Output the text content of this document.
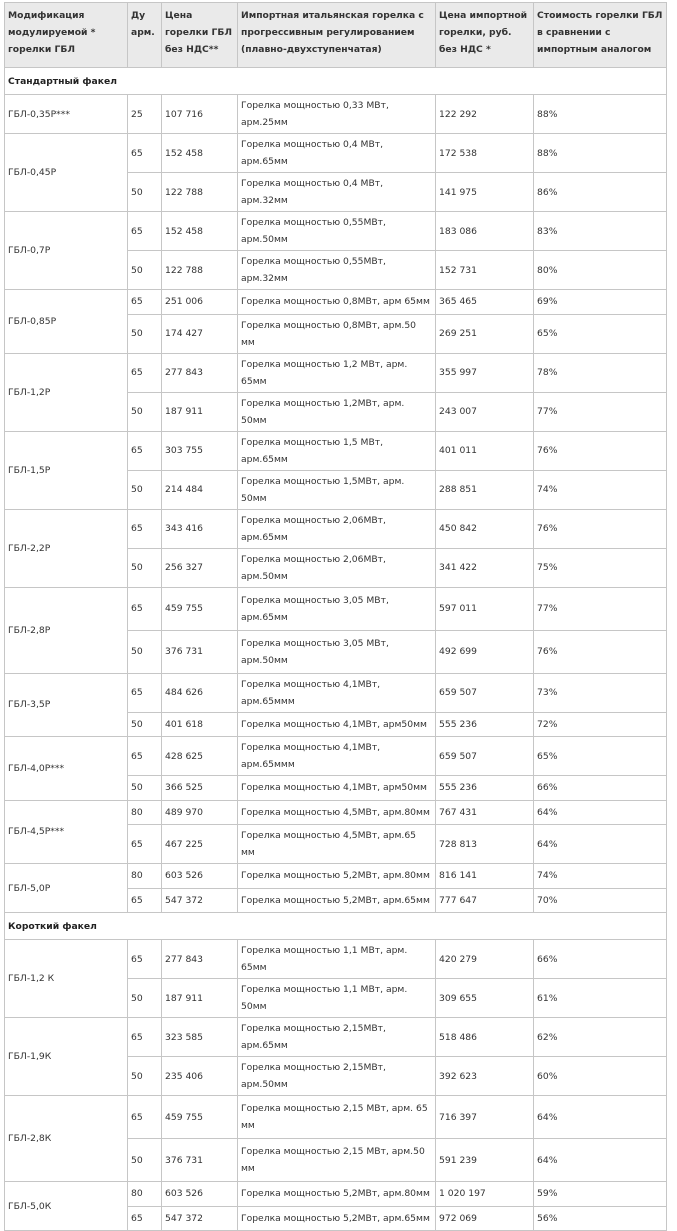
Модификация модулируемой * горелки ГБЛ	Ду арм.	Цена горелки ГБЛ без НДС**	Импортная итальянская горелка с прогрессивным регулированием (плавно-двухступенчатая)	Цена импортной горелки, руб. без НДС *	Стоимость горелки ГБЛ в сравнении с импортным аналогом
Стандартный факел					
ГБЛ-0,35Р***	25	107 716	Горелка мощностью 0,33 МВт, арм.25мм	122 292	88%
ГБЛ-0,45Р	65	152 458	Горелка мощностью 0,4 МВт, арм.65мм	172 538	88%
	50	122 788	Горелка мощностью 0,4 МВт, арм.32мм	141 975	86%
ГБЛ-0,7Р	65	152 458	Горелка мощностью 0,55МВт, арм.50мм	183 086	83%
	50	122 788	Горелка мощностью 0,55МВт, арм.32мм	152 731	80%
ГБЛ-0,85Р	65	251 006	Горелка мощностью 0,8МВт, арм 65мм	365 465	69%
	50	174 427	Горелка мощностью 0,8МВт, арм.50 мм	269 251	65%
ГБЛ-1,2Р	65	277 843	Горелка мощностью 1,2 МВт, арм. 65мм	355 997	78%
	50	187 911	Горелка мощностью 1,2МВт, арм. 50мм	243 007	77%
ГБЛ-1,5Р	65	303 755	Горелка мощностью 1,5 МВт, арм.65мм	401 011	76%
	50	214 484	Горелка мощностью 1,5МВт, арм. 50мм	288 851	74%
ГБЛ-2,2Р	65	343 416	Горелка мощностью 2,06МВт, арм.65мм	450 842	76%
	50	256 327	Горелка мощностью 2,06МВт, арм.50мм	341 422	75%
ГБЛ-2,8Р	65	459 755	Горелка мощностью 3,05 МВт, арм.65мм	597 011	77%
	50	376 731	Горелка мощностью 3,05 МВт, арм.50мм	492 699	76%
ГБЛ-3,5Р	65	484 626	Горелка мощностью 4,1МВт, арм.65ммм	659 507	73%
	50	401 618	Горелка мощностью 4,1МВт, арм50мм	555 236	72%
ГБЛ-4,0Р***	65	428 625	Горелка мощностью 4,1МВт, арм.65ммм	659 507	65%
	50	366 525	Горелка мощностью 4,1МВт, арм50мм	555 236	66%
ГБЛ-4,5Р***	80	489 970	Горелка мощностью 4,5МВт, арм.80мм	767 431	64%
	65	467 225	Горелка мощностью 4,5МВт, арм.65 мм	728 813	64%
ГБЛ-5,0Р	80	603 526	Горелка мощностью 5,2МВт, арм.80мм	816 141	74%
	65	547 372	Горелка мощностью 5,2МВт, арм.65мм	777 647	70%
Короткий факел					
ГБЛ-1,2 К	65	277 843	Горелка мощностью 1,1 МВт, арм. 65мм	420 279	66%
	50	187 911	Горелка мощностью 1,1 МВт, арм. 50мм	309 655	61%
ГБЛ-1,9К	65	323 585	Горелка мощностью 2,15МВт, арм.65мм	518 486	62%
	50	235 406	Горелка мощностью 2,15МВт, арм.50мм	392 623	60%
ГБЛ-2,8К	65	459 755	Горелка мощностью 2,15 МВт, арм. 65 мм	716 397	64%
	50	376 731	Горелка мощностью 2,15 МВт, арм.50 мм	591 239	64%
ГБЛ-5,0К	80	603 526	Горелка мощностью 5,2МВт, арм.80мм	1 020 197	59%
	65	547 372	Горелка мощностью 5,2МВт, арм.65мм	972 069	56%
